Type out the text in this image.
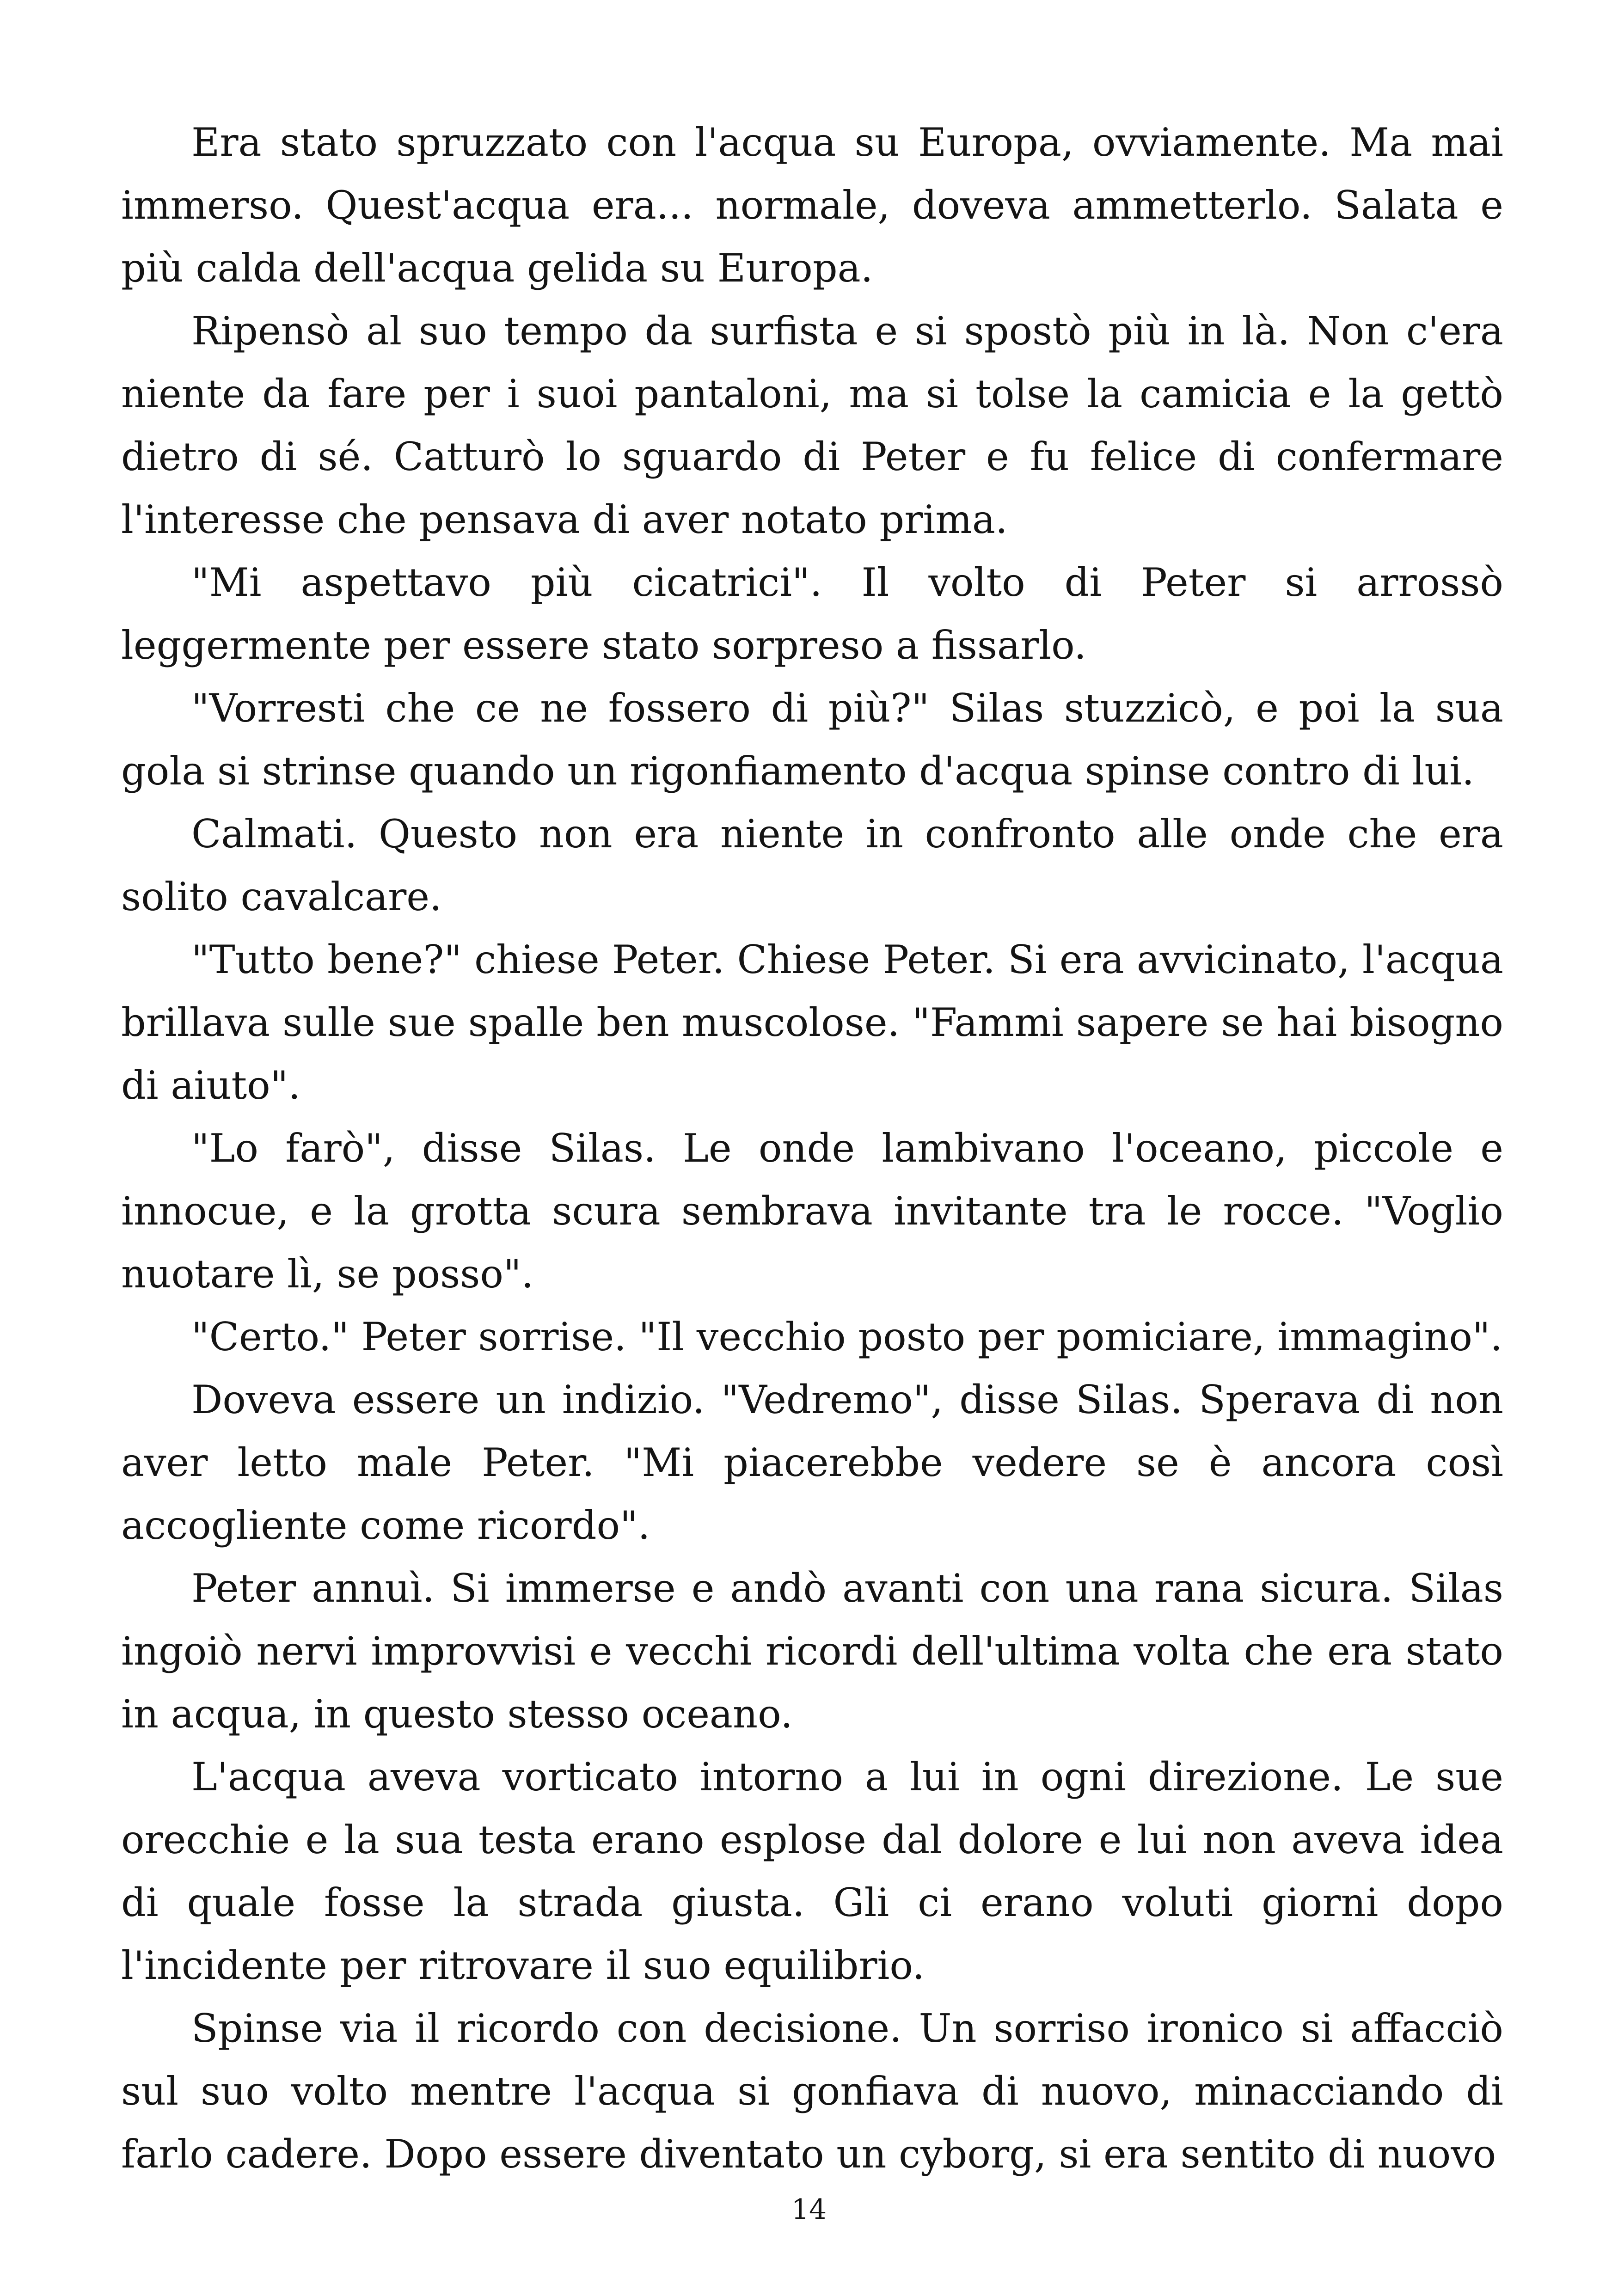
Era stato spruzzato con l'acqua su Europa, ovviamente. Ma mai immerso. Quest'acqua era... normale, doveva ammetterlo. Salata e più calda dell'acqua gelida su Europa.

Ripensò al suo tempo da surfista e si spostò più in là. Non c'era niente da fare per i suoi pantaloni, ma si tolse la camicia e la gettò dietro di sé. Catturò lo sguardo di Peter e fu felice di confermare l'interesse che pensava di aver notato prima.

"Mi aspettavo più cicatrici". Il volto di Peter si arrossò leggermente per essere stato sorpreso a fissarlo.

"Vorresti che ce ne fossero di più?" Silas stuzzicò, e poi la sua gola si strinse quando un rigonfiamento d'acqua spinse contro di lui.

Calmati. Questo non era niente in confronto alle onde che era solito cavalcare.

"Tutto bene?" chiese Peter. Chiese Peter. Si era avvicinato, l'acqua brillava sulle sue spalle ben muscolose. "Fammi sapere se hai bisogno di aiuto".

"Lo farò", disse Silas. Le onde lambivano l'oceano, piccole e innocue, e la grotta scura sembrava invitante tra le rocce. "Voglio nuotare lì, se posso".

"Certo." Peter sorrise. "Il vecchio posto per pomiciare, immagino".

Doveva essere un indizio. "Vedremo", disse Silas. Sperava di non aver letto male Peter. "Mi piacerebbe vedere se è ancora così accogliente come ricordo".

Peter annuì. Si immerse e andò avanti con una rana sicura. Silas ingoiò nervi improvvisi e vecchi ricordi dell'ultima volta che era stato in acqua, in questo stesso oceano.

L'acqua aveva vorticato intorno a lui in ogni direzione. Le sue orecchie e la sua testa erano esplose dal dolore e lui non aveva idea di quale fosse la strada giusta. Gli ci erano voluti giorni dopo l'incidente per ritrovare il suo equilibrio.

Spinse via il ricordo con decisione. Un sorriso ironico si affacciò sul suo volto mentre l'acqua si gonfiava di nuovo, minacciando di farlo cadere. Dopo essere diventato un cyborg, si era sentito di nuovo

14
